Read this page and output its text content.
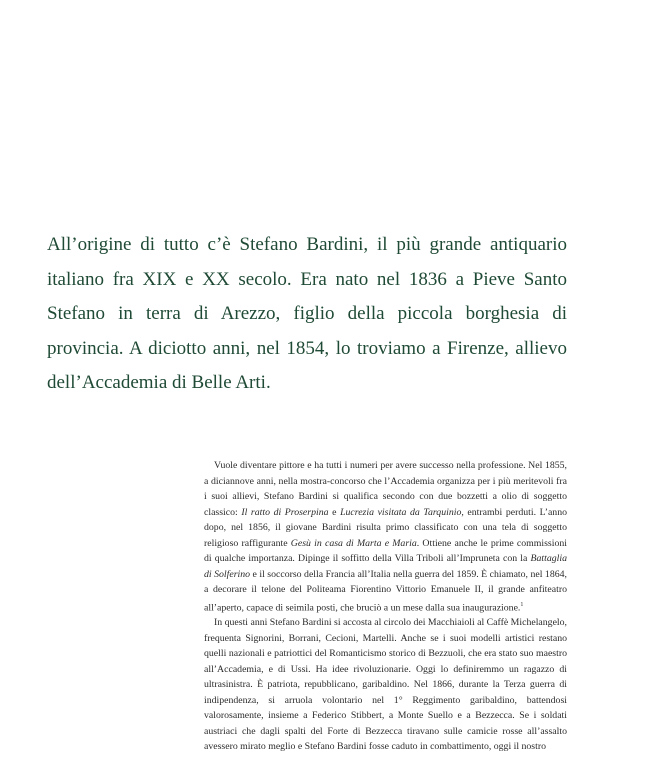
All’origine di tutto c’è Stefano Bardini, il più grande antiquario italiano fra XIX e XX secolo. Era nato nel 1836 a Pieve Santo Stefano in terra di Arezzo, figlio della piccola borghesia di provincia. A diciotto anni, nel 1854, lo troviamo a Firenze, allievo dell’Accademia di Belle Arti.

Vuole diventare pittore e ha tutti i numeri per avere successo nella professione. Nel 1855, a diciannove anni, nella mostra-concorso che l’Accademia organizza per i più meritevoli fra i suoi allievi, Stefano Bardini si qualifica secondo con due bozzetti a olio di soggetto classico: Il ratto di Proserpina e Lucrezia visitata da Tarquinio, entrambi perduti. L’anno dopo, nel 1856, il giovane Bardini risulta primo classificato con una tela di soggetto religioso raffigurante Gesù in casa di Marta e Maria. Ottiene anche le prime commissioni di qualche importanza. Dipinge il soffitto della Villa Triboli all’Impruneta con la Battaglia di Solferino e il soccorso della Francia all’Italia nella guerra del 1859. È chiamato, nel 1864, a decorare il telone del Politeama Fiorentino Vittorio Emanuele II, il grande anfiteatro all’aperto, capace di seimila posti, che bruciò a un mese dalla sua inaugurazione.$^1$

In questi anni Stefano Bardini si accosta al circolo dei Macchiaioli al Caffè Michelangelo, frequenta Signorini, Borrani, Cecioni, Martelli. Anche se i suoi modelli artistici restano quelli nazionali e patriottici del Romanticismo storico di Bezzuoli, che era stato suo maestro all’Accademia, e di Ussi. Ha idee rivoluzionarie. Oggi lo definiremmo un ragazzo di ultrasinistra. È patriota, repubblicano, garibaldino. Nel 1866, durante la Terza guerra di indipendenza, si arruola volontario nel 1° Reggimento garibaldino, battendosi valorosamente, insieme a Federico Stibbert, a Monte Suello e a Bezzecca. Se i soldati austriaci che dagli spalti del Forte di Bezzecca tiravano sulle camicie rosse all’assalto avessero mirato meglio e Stefano Bardini fosse caduto in combattimento, oggi il nostro
